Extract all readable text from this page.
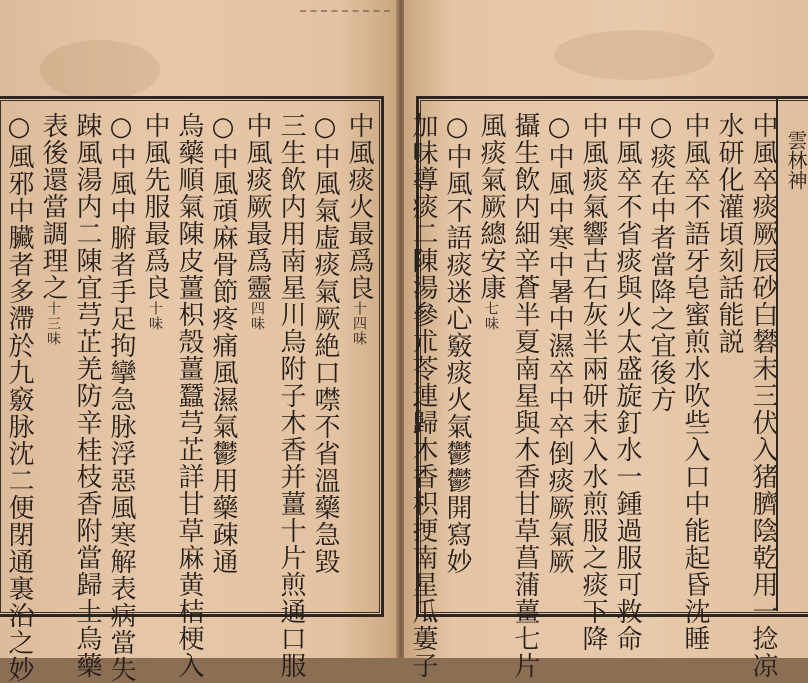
雲林神
中風卒痰厥辰砂白礬末三伏入猪臍陰乾用一捻凉
水研化灌頃刻話能説
中風卒不語牙皂蜜煎水吹些入口中能起昏沈睡
○痰在中者當降之宜後方
中風卒不省痰與火太盛旋釘水一鍾過服可救命
中風痰氣響古石灰半兩研末入水煎服之痰下降
○中風中寒中暑中濕卒中卒倒痰厥氣厥
攝生飲内細辛蒼半夏南星與木香甘草菖蒲薑七片
風痰氣厥總安康七味
○中風不語痰迷心竅痰火氣鬱鬱開寫妙
加味導痰二陳湯參朮苓連歸木香枳挭南星瓜蔞子
中風痰火最爲良十四味
○中風氣虛痰氣厥絶口噤不省溫藥急毀
三生飲内用南星川烏附子木香并薑十片煎通口服
中風痰厥最爲靈四味
○中風頑麻骨節疼痛風濕氣鬱用藥疎通
烏藥順氣陳皮薑枳殼薑蠶芎芷詳甘草麻黄桔梗入
中風先服最爲良十味
○中風中腑者手足拘攣急脉浮惡風寒解表病當失
踈風湯内二陳宜芎芷羌防辛桂枝香附當歸土烏藥
表後還當調理之十三味
○風邪中臟者多滯於九竅脉沈二便閉通裏治之妙
